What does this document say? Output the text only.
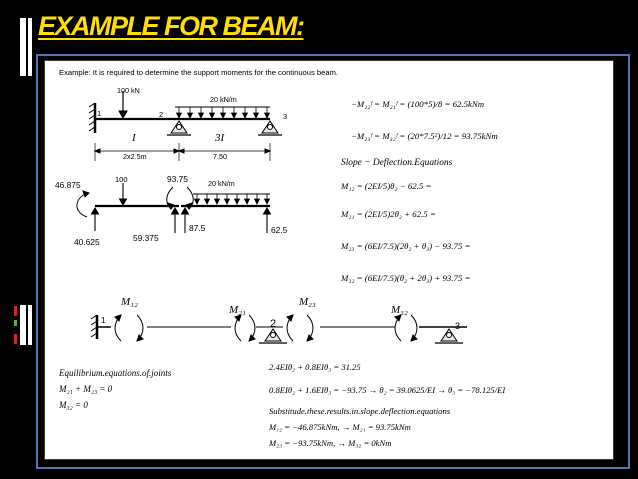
EXAMPLE FOR BEAM:
Example: It is required to determine the support moments for the continuous beam.
100 kN
20 kN/m
1	2	3
I	3I
2x2.5m	7.50
46.875
100	93.75	20 kN/m
40.625	59.375
87.5	62.5
−M₁₂ᶠ = M₂₁ᶠ = (100*5)/8 = 62.5kNm
−M₂₃ᶠ = M₃₂ᶠ = (20*7.5²)/12 = 93.75kNm
Slope − Deflection.Equations
M₁₂ = (2EI/5)θ₂ − 62.5 =
M₂₁ = (2EI/5)2θ₂ + 62.5 =
M₂₃ = (6EI/7.5)(2θ₂ + θ₃) − 93.75 =
M₃₂ = (6EI/7.5)(θ₂ + 2θ₃) + 93.75 =
M₁₂
M₂₁
M₂₃
M₃₂
1	2	3
Equilibrium.equations.of.joints
M₂₁ + M₂₃ = 0
M₃₂ = 0
2.4EIθ₂ + 0.8EIθ₃ = 31.25
0.8EIθ₂ + 1.6EIθ₃ = −93.75 → θ₂ = 39.0625/EI → θ₃ = −78.125/EI
Substitude.these.results.in.slope.deflection.equations
M₁₂ = −46.875kNm, → M₂₁ = 93.75kNm
M₂₃ = −93.75kNm, → M₃₂ = 0kNm
